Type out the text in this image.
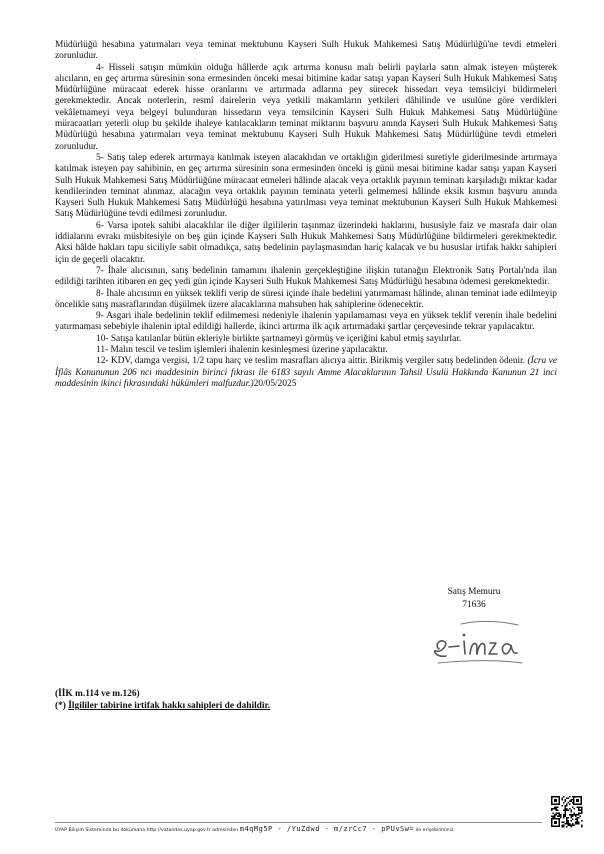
Müdürlüğü hesabına yatırmaları veya teminat mektubunu Kayseri Sulh Hukuk Mahkemesi Satış Müdürlüğü'ne tevdi etmeleri zorunludur.

4- Hisseli satışın mümkün olduğu hâllerde açık artırma konusu malı belirli paylarla satın almak isteyen müşterek alıcıların, en geç artırma süresinin sona ermesinden önceki mesai bitimine kadar satışı yapan Kayseri Sulh Hukuk Mahkemesi Satış Müdürlüğüne müracaat ederek hisse oranlarını ve artırmada adlarına pey sürecek hissedarı veya temsilciyi bildirmeleri gerekmektedir. Ancak noterlerin, resmî dairelerin veya yetkili makamların yetkileri dâhilinde ve usulüne göre verdikleri vekâletnameyi veya belgeyi bulunduran hissedarın veya temsilcinin Kayseri Sulh Hukuk Mahkemesi Satış Müdürlüğüne müracaatları yeterli olup bu şekilde ihaleye katılacakların teminat miktarını başvuru anında Kayseri Sulh Hukuk Mahkemesi Satış Müdürlüğü hesabına yatırmaları veya teminat mektubunu Kayseri Sulh Hukuk Mahkemesi Satış Müdürlüğüne tevdi etmeleri zorunludur.

5- Satış talep ederek artırmaya katılmak isteyen alacaklıdan ve ortaklığın giderilmesi suretiyle giderilmesinde artırmaya katılmak isteyen pay sahibinin, en geç artırma süresinin sona ermesinden önceki iş günü mesai bitimine kadar satışı yapan Kayseri Sulh Hukuk Mahkemesi Satış Müdürlüğüne müracaat etmeleri hâlinde alacak veya ortaklık payının teminatı karşıladığı miktar kadar kendilerinden teminat alınmaz, alacağın veya ortaklık payının teminata yeterli gelmemesi hâlinde eksik kısmın başvuru anında Kayseri Sulh Hukuk Mahkemesi Satış Müdürlüğü hesabına yatırılması veya teminat mektubunun Kayseri Sulh Hukuk Mahkemesi Satış Müdürlüğüne tevdi edilmesi zorunludur.

6- Varsa ipotek sahibi alacaklılar ile diğer ilgililerin taşınmaz üzerindeki haklarını, hususiyle faiz ve masrafa dair olan iddialarını evrakı müsbitesiyle on beş gün içinde Kayseri Sulh Hukuk Mahkemesi Satış Müdürlüğüne bildirmeleri gerekmektedir. Aksi hâlde hakları tapu siciliyle sabit olmadıkça, satış bedelinin paylaşmasından hariç kalacak ve bu hususlar irtifak hakkı sahipleri için de geçerli olacaktır.

7- İhale alıcısının, satış bedelinin tamamını ihalenin gerçekleştiğine ilişkin tutanağın Elektronik Satış Portalı'nda ilan edildiği tarihten itibaren en geç yedi gün içinde Kayseri Sulh Hukuk Mahkemesi Satış Müdürlüğü hesabına ödemesi gerekmektedir.

8- İhale alıcısının en yüksek teklifi verip de süresi içinde ihale bedelini yatırmaması hâlinde, alınan teminat iade edilmeyip öncelikle satış masraflarından düşülmek üzere alacaklarına mahsuben hak sahiplerine ödenecektir.

9- Asgari ihale bedelinin teklif edilmemesi nedeniyle ihalenin yapılamaması veya en yüksek teklif verenin ihale bedelini yatırmaması sebebiyle ihalenin iptal edildiği hallerde, ikinci artırma ilk açık artırmadaki şartlar çerçevesinde tekrar yapılacaktır.

10- Satışa katılanlar bütün ekleriyle birlikte şartnameyi görmüş ve içeriğini kabul etmiş sayılırlar.

11- Malın tescil ve teslim işlemleri ihalenin kesinleşmesi üzerine yapılacaktır.

12- KDV, damga vergisi, 1/2 tapu harç ve teslim masrafları alıcıya aittir. Birikmiş vergiler satış bedelinden ödenir. (İcra ve İflâs Kanununun 206 ncı maddesinin birinci fıkrası ile 6183 sayılı Amme Alacaklarının Tahsil Usulü Hakkında Kanunun 21 inci maddesinin ikinci fıkrasındaki hükümleri malfuzdur.)20/05/2025

Satış Memuru
71636
(İİK m.114 ve m.126)
(*) İlgililer tabirine irtifak hakkı sahipleri de dahildir.
UYAP Bilişim Sisteminde bu dokümana http://vatandas.uyap.gov.tr adresinden m4qMg5P - /YuZdwd - m/zrCc7 - pPUvSw= ile erişebilirsiniz.
